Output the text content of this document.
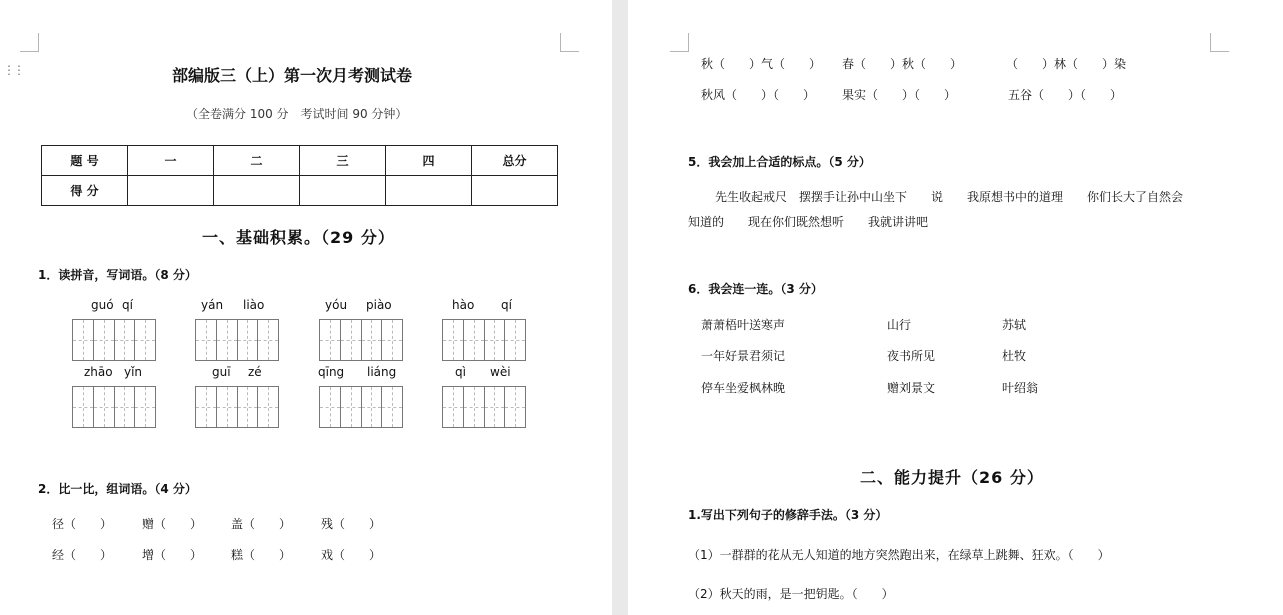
⋮⋮	部编版三（上）第一次月考测试卷
（全卷满分 100 分　考试时间 90 分钟）
题 号	一	二	三	四	总分
得 分					
一、基础积累。（29 分）
1．读拼音，写词语。（8 分）
guó qí	yán liào	yóu piào	hào qí
zhāo yǐn	guī zé	qīng liáng	qì wèi
2．比一比，组词语。（4 分）
径（　　） 赠（　　） 盖（　　） 残（　　）
经（　　） 增（　　） 糕（　　） 戏（　　）
秋（　　）气（　　） 春（　　）秋（　　）	（　　）林（　　）染
秋风（　　）（　　） 果实（　　）（　　）	五谷（　　）（　　）
5．我会加上合适的标点。（5 分）
先生收起戒尺　摆摆手让孙中山坐下　　说　　我原想书中的道理　　你们长大了自然会
知道的　　现在你们既然想听　　我就讲讲吧
6．我会连一连。（3 分）
萧萧梧叶送寒声	山行	苏轼
一年好景君须记	夜书所见	杜牧
停车坐爱枫林晚	赠刘景文	叶绍翁
二、能力提升（26 分）
1.写出下列句子的修辞手法。（3 分）
（1）一群群的花从无人知道的地方突然跑出来，在绿草上跳舞、狂欢。（　　）
（2）秋天的雨，是一把钥匙。（　　）
